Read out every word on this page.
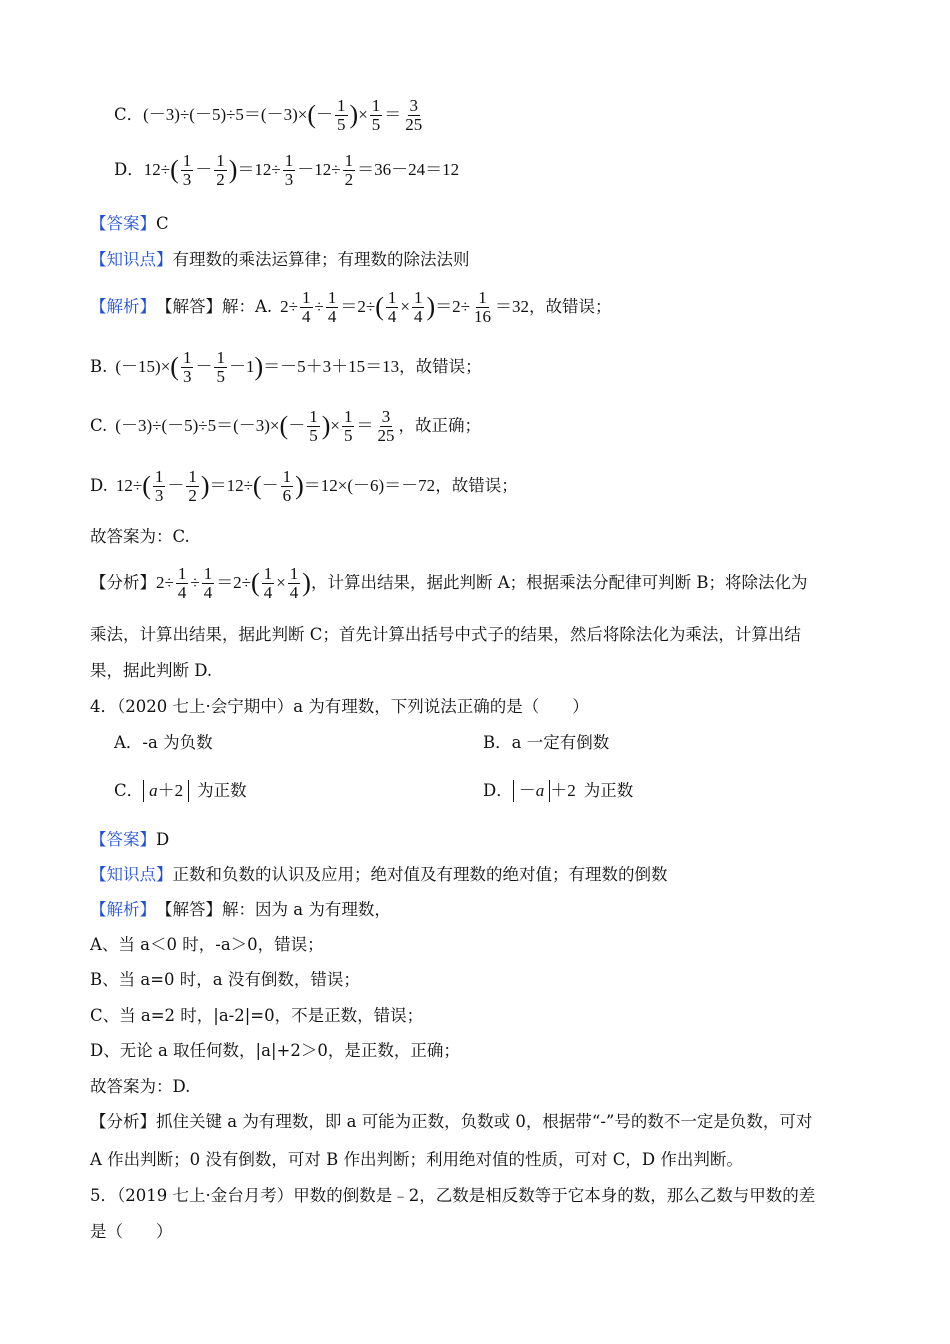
C． (－3)÷(－5)÷5＝(－3)× ( － $\frac{1}{5}$ ) × $\frac{1}{5} = \frac{3}{25}$
D． 12÷ ( $\frac{1}{3} - \frac{1}{2}$ ) $=12\div \frac{1}{3} -12\div \frac{1}{2} =36-24=12$
【答案】 C
【知识点】 有理数的乘法运算律；有理数的除法法则
【解析】 【解答】 解：A. $2\div \frac{1}{4} \div \frac{1}{4} =2\div$ ( $\frac{1}{4} \times \frac{1}{4}$ ) $=2\div \frac{1}{16} =32$ ，故错误；
B. (－15)× ( $\frac{1}{3} - \frac{1}{5} -1$ ) ＝－5＋3＋15＝13 ，故错误；
C. (－3)÷(－5)÷5＝(－3)× ( － $\frac{1}{5}$ ) × $\frac{1}{5} = \frac{3}{25}$ ，故正确；
D. 12÷ ( $\frac{1}{3} - \frac{1}{2}$ ) ＝12÷ ( － $\frac{1}{6}$ ) ＝12×(－6)＝－72 ，故错误；
故答案为：C.
【分析】 $2\div \frac{1}{4} \div \frac{1}{4} =2\div$ ( $\frac{1}{4} \times \frac{1}{4}$ ) ，计算出结果，据此判断 A；根据乘法分配律可判断 B；将除法化为
乘法，计算出结果，据此判断 C；首先计算出括号中式子的结果，然后将除法化为乘法，计算出结
果，据此判断 D.
4．（2020 七上·会宁期中）a 为有理数，下列说法正确的是（　　）
A．-a 为负数	B．a 一定有倒数
C． a＋2 为正数	D． －a ＋2 为正数
【答案】 D
【知识点】 正数和负数的认识及应用；绝对值及有理数的绝对值；有理数的倒数
【解析】 【解答】 解：因为 a 为有理数，
A、当 a＜0 时，-a＞0，错误；
B、当 a=0 时，a 没有倒数，错误；
C、当 a=2 时，|a-2|=0，不是正数，错误；
D、无论 a 取任何数，|a|+2＞0，是正数，正确；
故答案为：D.
【分析】 抓住关键 a 为有理数，即 a 可能为正数，负数或 0，根据带“-”号的数不一定是负数，可对
A 作出判断；0 没有倒数，可对 B 作出判断；利用绝对值的性质，可对 C，D 作出判断。
5．（2019 七上·金台月考）甲数的倒数是﹣2，乙数是相反数等于它本身的数，那么乙数与甲数的差
是（　　）
